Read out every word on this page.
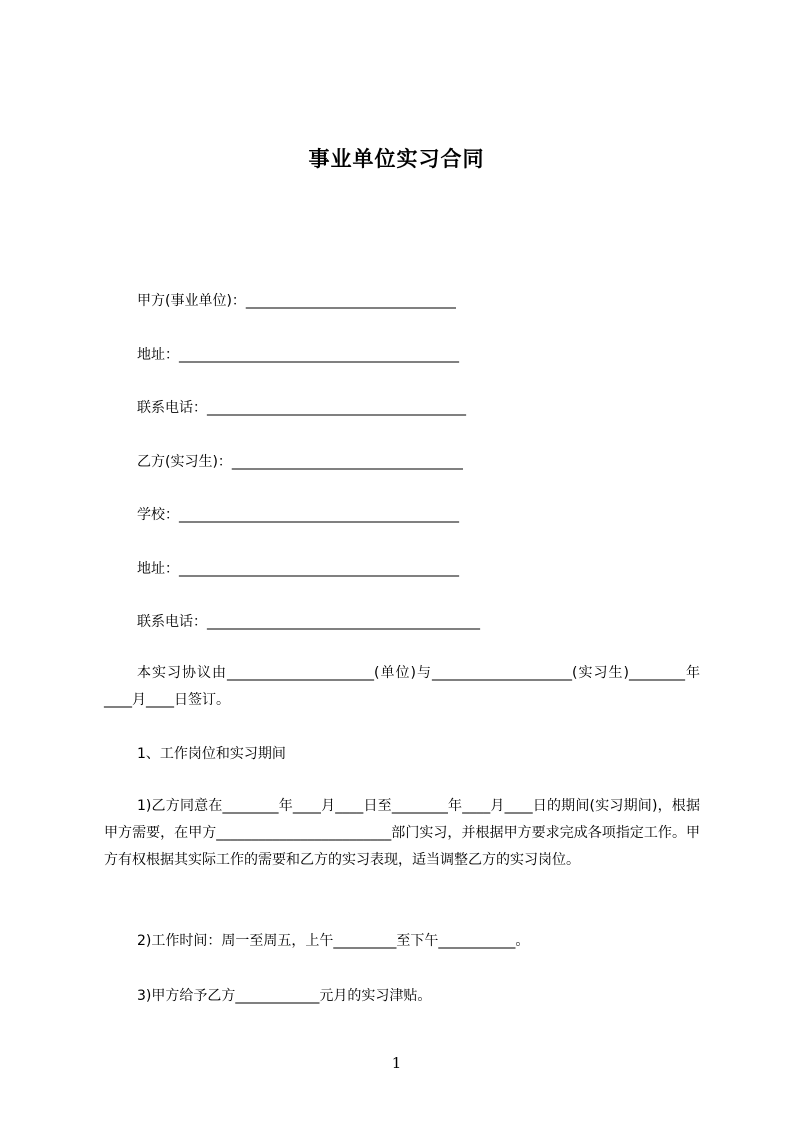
事业单位实习合同
甲方(事业单位)：______________________________
地址：________________________________________
联系电话：_____________________________________
乙方(实习生)：_________________________________
学校：________________________________________
地址：________________________________________
联系电话：_______________________________________
本实习协议由_____________________(单位)与____________________(实习生)________年____月____日签订。
1、工作岗位和实习期间
1)乙方同意在________年____月____日至________年____月____日的期间(实习期间)，根据甲方需要，在甲方_________________________部门实习，并根据甲方要求完成各项指定工作。甲方有权根据其实际工作的需要和乙方的实习表现，适当调整乙方的实习岗位。
2)工作时间：周一至周五，上午_________至下午___________。
3)甲方给予乙方____________元月的实习津贴。
1
